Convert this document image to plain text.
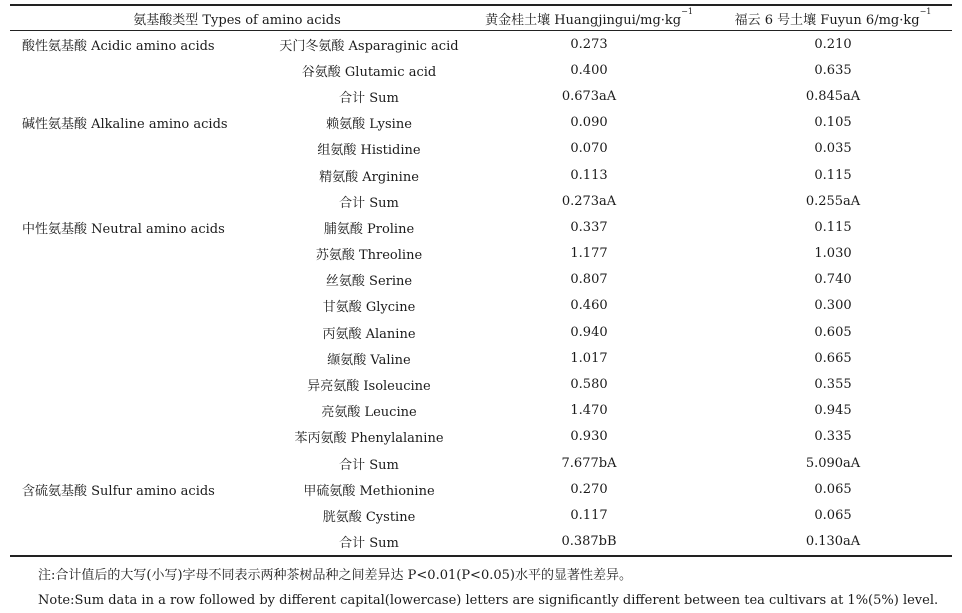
氨基酸类型 Types of amino acids		黄金桂土壤 Huangjingui/$mg\cdot kg^{-1}$	福云 6 号土壤 Fuyun $6/mg\cdot kg^{-1}$
酸性氨基酸 Acidic amino acids	天门冬氨酸 Asparaginic acid	0.273	0.210
	谷氨酸 Glutamic acid	0.400	0.635
	合计 Sum	0.673aA	0.845aA
碱性氨基酸 Alkaline amino acids	赖氨酸 Lysine	0.090	0.105
	组氨酸 Histidine	0.070	0.035
	精氨酸 Arginine	0.113	0.115
	合计 Sum	0.273aA	0.255aA
中性氨基酸 Neutral amino acids	脯氨酸 Proline	0.337	0.115
	苏氨酸 Threoline	1.177	1.030
	丝氨酸 Serine	0.807	0.740
	甘氨酸 Glycine	0.460	0.300
	丙氨酸 Alanine	0.940	0.605
	缬氨酸 Valine	1.017	0.665
	异亮氨酸 Isoleucine	0.580	0.355
	亮氨酸 Leucine	1.470	0.945
	苯丙氨酸 Phenylalanine	0.930	0.335
	合计 Sum	7.677bA	5.090aA
含硫氨基酸 Sulfur amino acids	甲硫氨酸 Methionine	0.270	0.065
	胱氨酸 Cystine	0.117	0.065
	合计 Sum	0.387bB	0.130aA
注:合计值后的大写(小写)字母不同表示两种茶树品种之间差异达 P<0.01(P<0.05)水平的显著性差异。
Note:Sum data in a row followed by different capital(lowercase) letters are significantly different between tea cultivars at 1%(5%) level.
